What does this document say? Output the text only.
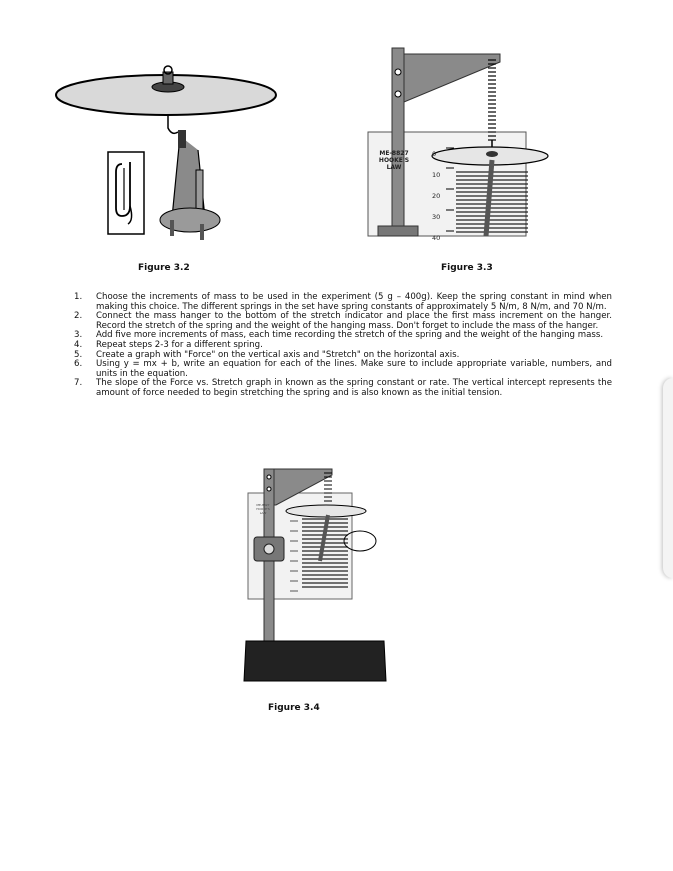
Figure 3.2
ME-8827
HOOKE'S
LAW
0
10
20
30
40
Figure 3.3
1.	Choose the increments of mass to be used in the experiment (5 g – 400g). Keep the spring constant in mind when making this choice. The different springs in the set have spring constants of approximately 5 N/m, 8 N/m, and 70 N/m.
2.	Connect the mass hanger to the bottom of the stretch indicator and place the first mass increment on the hanger. Record the stretch of the spring and the weight of the hanging mass. Don't forget to include the mass of the hanger.
3.	Add five more increments of mass, each time recording the stretch of the spring and the weight of the hanging mass.
4.	Repeat steps 2-3 for a different spring.
5.	Create a graph with "Force" on the vertical axis and "Stretch" on the horizontal axis.
6.	Using y = mx + b, write an equation for each of the lines. Make sure to include appropriate variable, numbers, and units in the equation.
7.	The slope of the Force vs. Stretch graph in known as the spring constant or rate. The vertical intercept represents the amount of force needed to begin stretching the spring and is also known as the initial tension.
ME-8827
HOOKE'S
LAW
Figure 3.4
